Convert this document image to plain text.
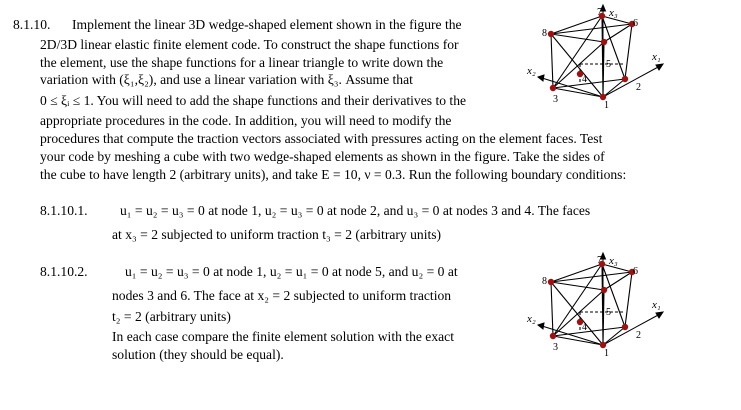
8.1.10. Implement the linear 3D wedge-shaped element shown in the figure the
2D/3D linear elastic finite element code. To construct the shape functions for
the element, use the shape functions for a linear triangle to write down the
variation with (ξ₁,ξ₂), and use a linear variation with ξ₃. Assume that
0 ≤ ξᵢ ≤ 1. You will need to add the shape functions and their derivatives to the
appropriate procedures in the code. In addition, you will need to modify the
procedures that compute the traction vectors associated with pressures acting on the element faces. Test
your code by meshing a cube with two wedge-shaped elements as shown in the figure. Take the sides of
the cube to have length 2 (arbitrary units), and take E = 10, ν = 0.3. Run the following boundary conditions:
8.1.10.1. u₁ = u₂ = u₃ = 0 at node 1, u₂ = u₃ = 0 at node 2, and u₃ = 0 at nodes 3 and 4. The faces
at x₃ = 2 subjected to uniform traction t₃ = 2 (arbitrary units)
8.1.10.2.	u₁ = u₂ = u₃ = 0 at node 1, u₂ = u₁ = 0 at node 5, and u₂ = 0 at
nodes 3 and 6. The face at x₂ = 2 subjected to uniform traction
t₂ = 2 (arbitrary units)
In each case compare the finite element solution with the exact
solution (they should be equal).
1
2
3
4
5
6
7
8
x₁
x₂
x₃
1
2
3
4
5
6
7
8
x₁
x₂
x₃
